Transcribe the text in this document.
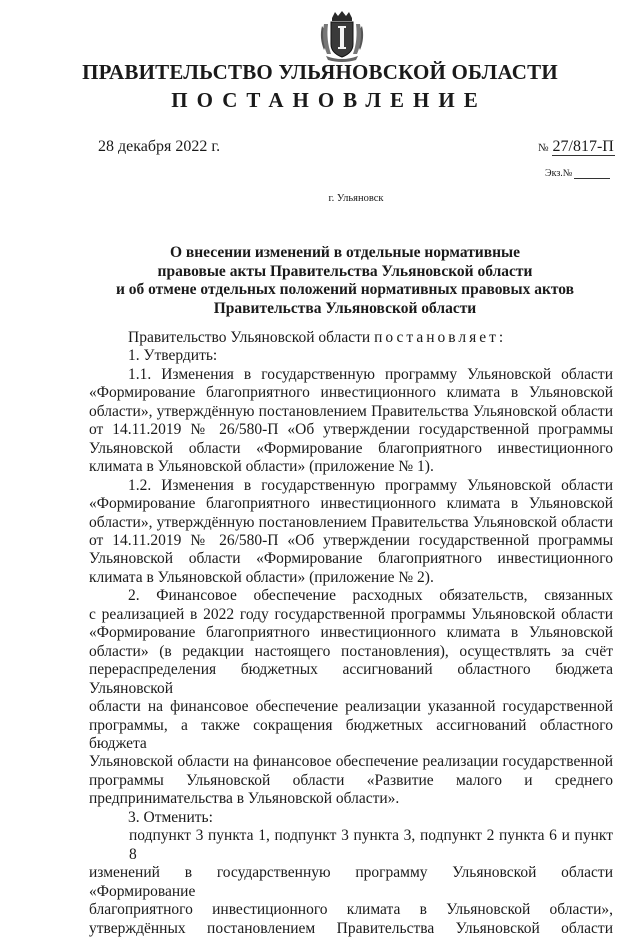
ПРАВИТЕЛЬСТВО УЛЬЯНОВСКОЙ ОБЛАСТИ
ПОСТАНОВЛЕНИЕ
28 декабря 2022 г.	№ 27/817-П
Экз.№
г. Ульяновск
О внесении изменений в отдельные нормативные
правовые акты Правительства Ульяновской области
и об отмене отдельных положений нормативных правовых актов
Правительства Ульяновской области
Правительство Ульяновской области постановляет:
1. Утвердить:
1.1. Изменения в государственную программу Ульяновской области
«Формирование благоприятного инвестиционного климата в Ульяновской
области», утверждённую постановлением Правительства Ульяновской области
от 14.11.2019 № 26/580-П «Об утверждении государственной программы
Ульяновской области «Формирование благоприятного инвестиционного
климата в Ульяновской области» (приложение № 1).
1.2. Изменения в государственную программу Ульяновской области
«Формирование благоприятного инвестиционного климата в Ульяновской
области», утверждённую постановлением Правительства Ульяновской области
от 14.11.2019 № 26/580-П «Об утверждении государственной программы
Ульяновской области «Формирование благоприятного инвестиционного
климата в Ульяновской области» (приложение № 2).
2. Финансовое обеспечение расходных обязательств, связанных
с реализацией в 2022 году государственной программы Ульяновской области
«Формирование благоприятного инвестиционного климата в Ульяновской
области» (в редакции настоящего постановления), осуществлять за счёт
перераспределения бюджетных ассигнований областного бюджета Ульяновской
области на финансовое обеспечение реализации указанной государственной
программы, а также сокращения бюджетных ассигнований областного бюджета
Ульяновской области на финансовое обеспечение реализации государственной
программы Ульяновской области «Развитие малого и среднего
предпринимательства в Ульяновской области».
3. Отменить:
подпункт 3 пункта 1, подпункт 3 пункта 3, подпункт 2 пункта 6 и пункт 8
изменений в государственную программу Ульяновской области «Формирование
благоприятного инвестиционного климата в Ульяновской области»,
утверждённых постановлением Правительства Ульяновской области
